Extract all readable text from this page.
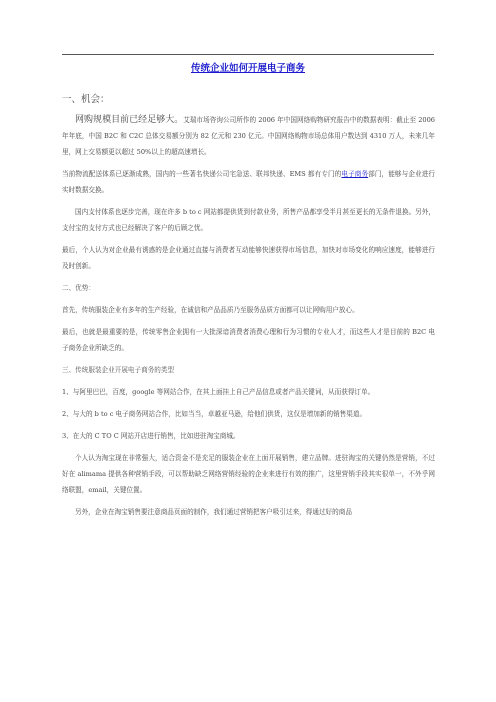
传统企业如何开展电子商务
一、机会：

网购规模目前已经足够大。艾瑞市场咨询公司所作的 2006 年中国网络购物研究报告中的数据表明：截止至 2006 年年底，中国 B2C 和 C2C 总体交易额分别为 82 亿元和 230 亿元。中国网络购物市场总体用户数达到 4310 万人，未来几年里，网上交易额更以超过 50%以上的超高速增长。

当前物流配送体系已逐渐成熟，国内的一些著名快递公司宅急送、联邦快递、EMS 都有专门的电子商务部门，能够与企业进行实时数据交换。

国内支付体系也逐步完善，现在许多 b to c 网站都提供货到付款业务，所售产品都享受半月甚至更长的无条件退换。另外，支付宝的支付方式也已经解决了客户的后顾之忧。

最后，个人认为对企业最有诱惑的是企业通过直接与消费者互动能够快速获得市场信息，加快对市场变化的响应速度，能够进行及时创新。

二、优势：

首先，传统服装企业有多年的生产经验，在诚信和产品品质乃至服务品质方面都可以让网购用户放心。

最后，也就是最重要的是，传统零售企业拥有一大批深谙消费者消费心理和行为习惯的专业人才，而这些人才是目前的 B2C 电子商务企业所缺乏的。

三、传统服装企业开展电子商务的类型

1、与阿里巴巴，百度，google 等网站合作，在其上面挂上自己产品信息或者产品关键词，从而获得订单。

2、与大的 b to c 电子商务网站合作，比如当当，卓越亚马逊，给他们供货，这仅是增加新的销售渠道。

3、在大的 C TO C 网站开店进行销售，比如进驻淘宝商城。

个人认为淘宝现在非常强大，适合资金不是充足的服装企业在上面开展销售，建立品牌。进驻淘宝的关键仍然是营销，不过好在 alimama 提供各种营销手段，可以帮助缺乏网络营销经验的企业来进行有效的推广，这里营销手段其实很单一，不外乎网络联盟，email，关键位置。

另外，企业在淘宝销售要注意商品页面的制作，我们通过营销把客户吸引过来，得通过好的商品
